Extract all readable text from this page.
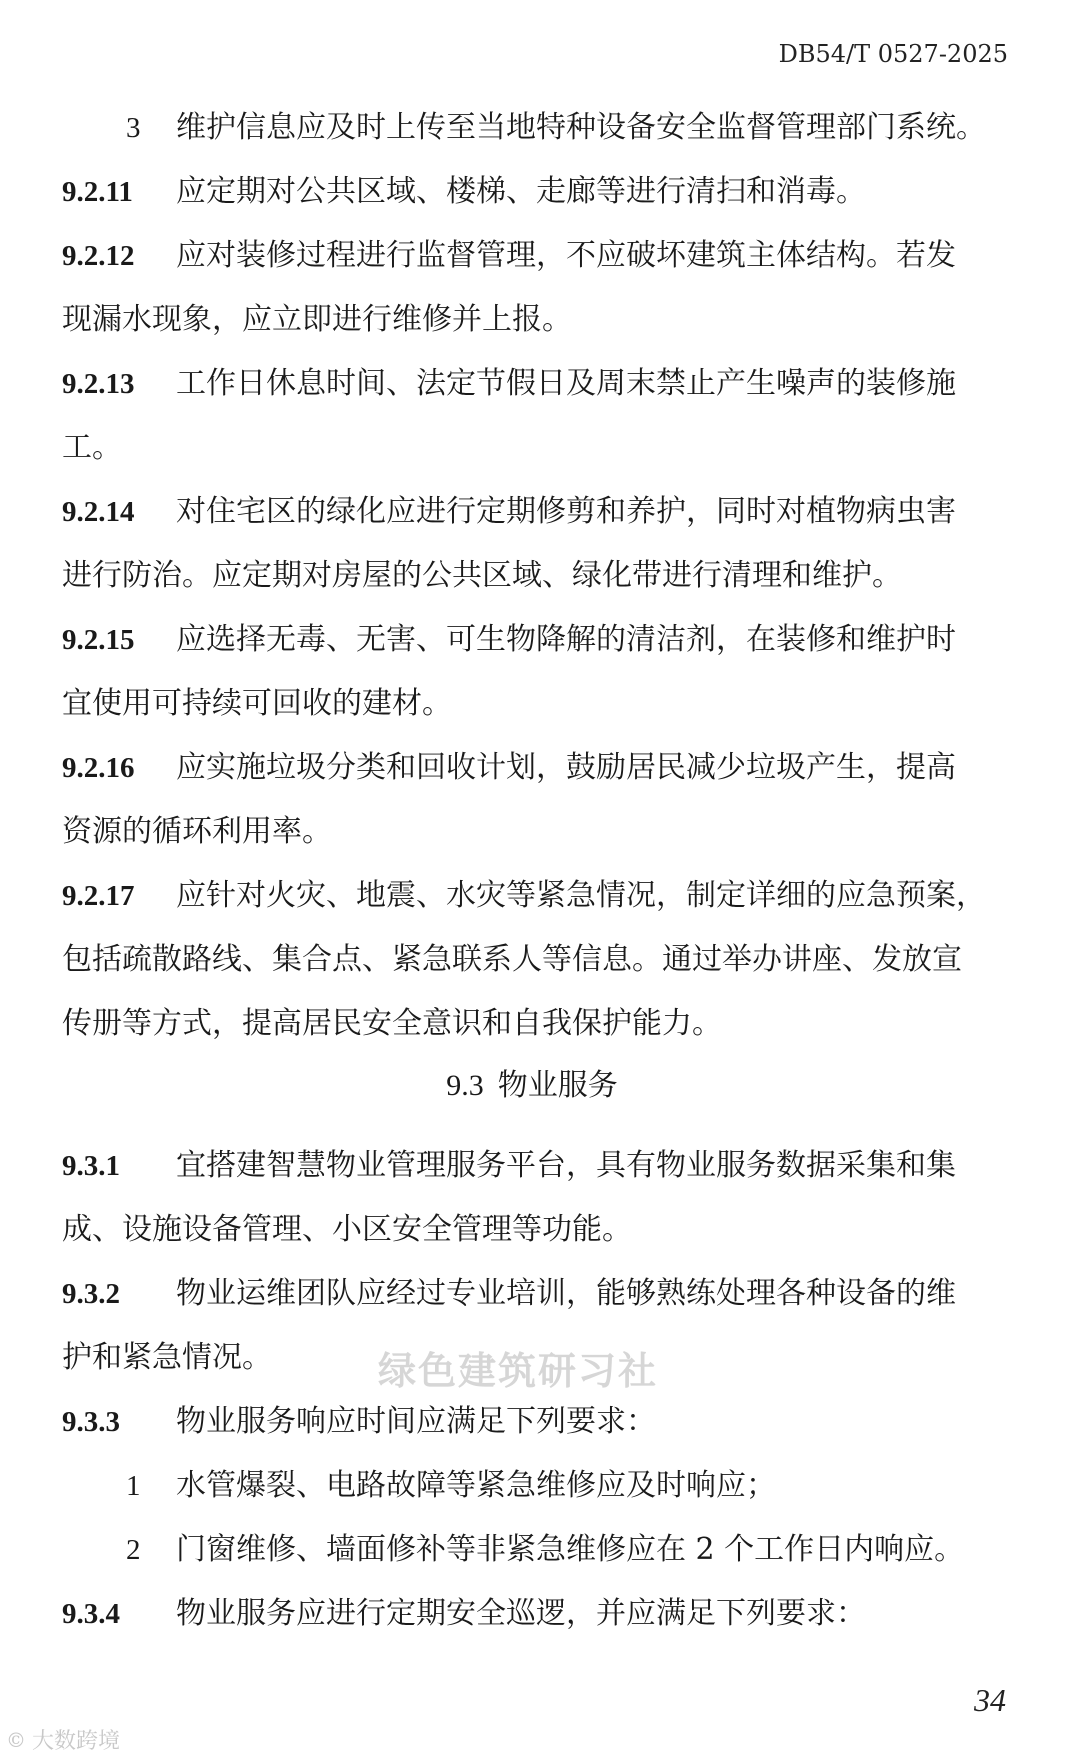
DB54/T 0527-2025
3 维护信息应及时上传至当地特种设备安全监督管理部门系统。
9.2.11 应定期对公共区域、楼梯、走廊等进行清扫和消毒。
9.2.12 应对装修过程进行监督管理，不应破坏建筑主体结构。若发
现漏水现象，应立即进行维修并上报。
9.2.13 工作日休息时间、法定节假日及周末禁止产生噪声的装修施
工。
9.2.14 对住宅区的绿化应进行定期修剪和养护，同时对植物病虫害
进行防治。应定期对房屋的公共区域、绿化带进行清理和维护。
9.2.15 应选择无毒、无害、可生物降解的清洁剂，在装修和维护时
宜使用可持续可回收的建材。
9.2.16 应实施垃圾分类和回收计划，鼓励居民减少垃圾产生，提高
资源的循环利用率。
9.2.17 应针对火灾、地震、水灾等紧急情况，制定详细的应急预案，
包括疏散路线、集合点、紧急联系人等信息。通过举办讲座、发放宣
传册等方式，提高居民安全意识和自我保护能力。
9.3 物业服务
9.3.1 宜搭建智慧物业管理服务平台，具有物业服务数据采集和集
成、设施设备管理、小区安全管理等功能。
9.3.2 物业运维团队应经过专业培训，能够熟练处理各种设备的维
护和紧急情况。
9.3.3 物业服务响应时间应满足下列要求：
1 水管爆裂、电路故障等紧急维修应及时响应；
2 门窗维修、墙面修补等非紧急维修应在 2 个工作日内响应。
9.3.4 物业服务应进行定期安全巡逻，并应满足下列要求：
绿色建筑研习社
34
© 大数跨境
